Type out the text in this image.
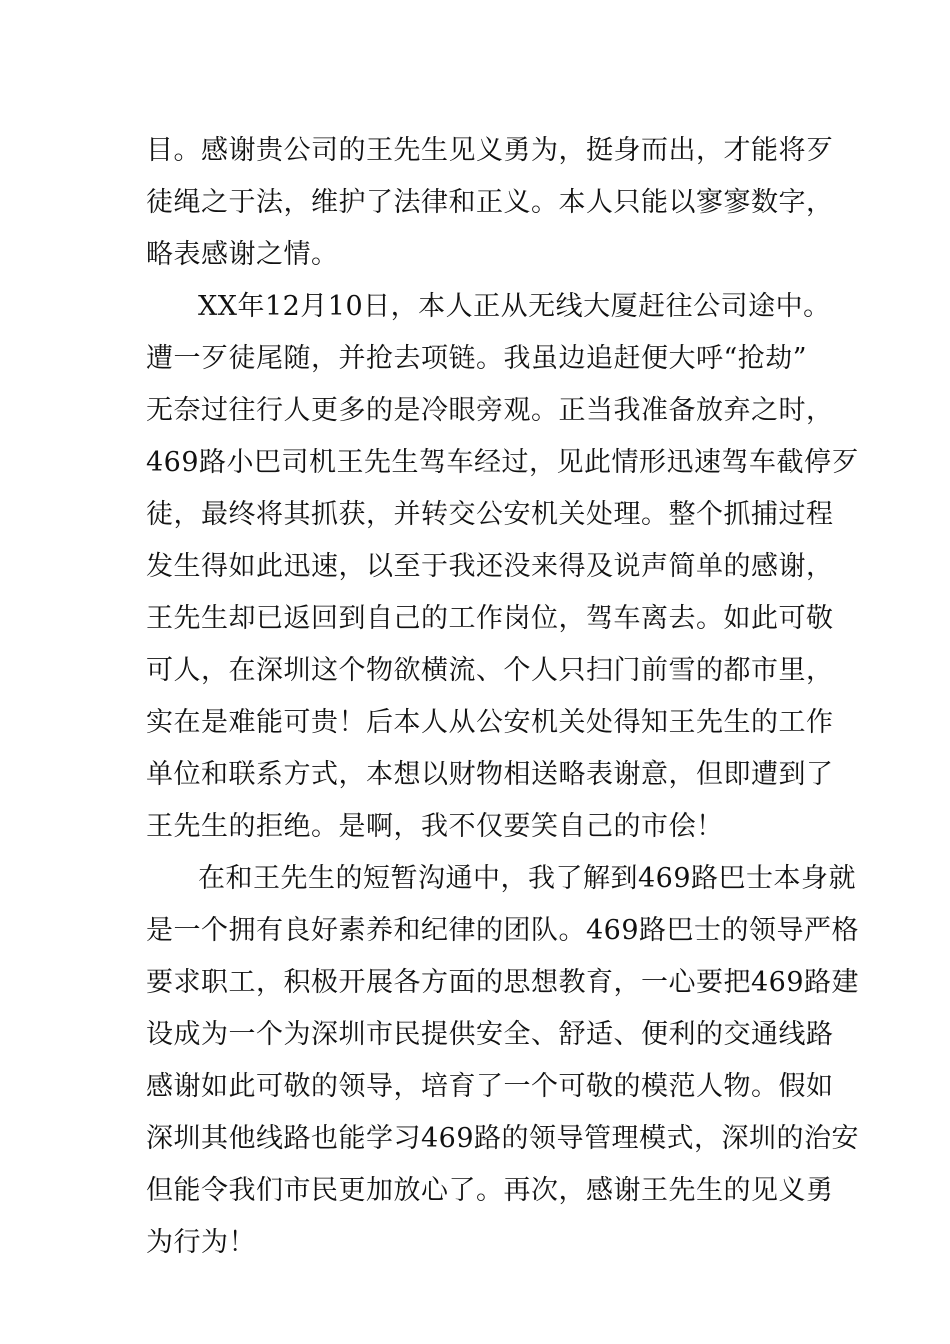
目。感谢贵公司的王先生见义勇为，挺身而出，才能将歹
徒绳之于法，维护了法律和正义。本人只能以寥寥数字，
略表感谢之情。
XX年12月10日，本人正从无线大厦赶往公司途中。
遭一歹徒尾随，并抢去项链。我虽边追赶便大呼“抢劫”
无奈过往行人更多的是冷眼旁观。正当我准备放弃之时，
469路小巴司机王先生驾车经过，见此情形迅速驾车截停歹
徒，最终将其抓获，并转交公安机关处理。整个抓捕过程
发生得如此迅速，以至于我还没来得及说声简单的感谢，
王先生却已返回到自己的工作岗位，驾车离去。如此可敬
可人，在深圳这个物欲横流、个人只扫门前雪的都市里，
实在是难能可贵！后本人从公安机关处得知王先生的工作
单位和联系方式，本想以财物相送略表谢意，但即遭到了
王先生的拒绝。是啊，我不仅要笑自己的市侩！
在和王先生的短暂沟通中，我了解到469路巴士本身就
是一个拥有良好素养和纪律的团队。469路巴士的领导严格
要求职工，积极开展各方面的思想教育，一心要把469路建
设成为一个为深圳市民提供安全、舒适、便利的交通线路
感谢如此可敬的领导，培育了一个可敬的模范人物。假如
深圳其他线路也能学习469路的领导管理模式，深圳的治安
但能令我们市民更加放心了。再次，感谢王先生的见义勇
为行为！
